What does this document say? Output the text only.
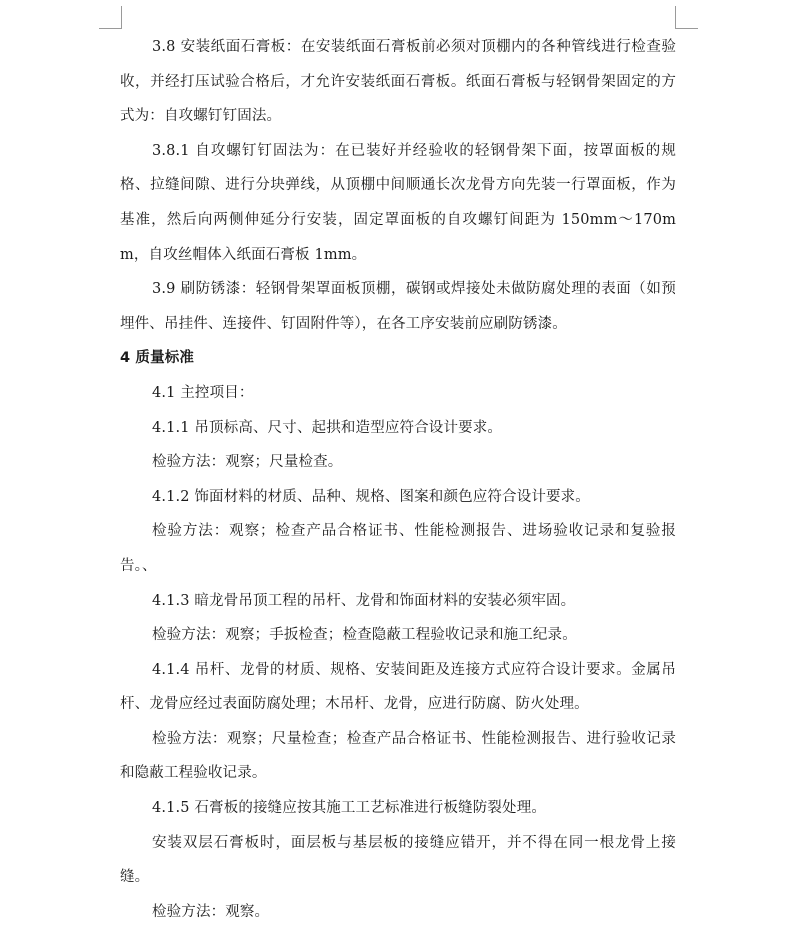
3.8 安装纸面石膏板：在安装纸面石膏板前必须对顶棚内的各种管线进行检查验收，并经打压试验合格后，才允许安装纸面石膏板。纸面石膏板与轻钢骨架固定的方式为：自攻螺钉钉固法。

3.8.1 自攻螺钉钉固法为：在已装好并经验收的轻钢骨架下面，按罩面板的规格、拉缝间隙、进行分块弹线，从顶棚中间顺通长次龙骨方向先装一行罩面板，作为基准，然后向两侧伸延分行安装，固定罩面板的自攻螺钉间距为 150mm～170mm，自攻丝帽体入纸面石膏板 1mm。

3.9 刷防锈漆：轻钢骨架罩面板顶棚，碳钢或焊接处未做防腐处理的表面（如预埋件、吊挂件、连接件、钉固附件等），在各工序安装前应刷防锈漆。

4 质量标准

4.1 主控项目：

4.1.1 吊顶标高、尺寸、起拱和造型应符合设计要求。

检验方法：观察；尺量检查。

4.1.2 饰面材料的材质、品种、规格、图案和颜色应符合设计要求。

检验方法：观察；检查产品合格证书、性能检测报告、进场验收记录和复验报告。、

4.1.3 暗龙骨吊顶工程的吊杆、龙骨和饰面材料的安装必须牢固。

检验方法：观察；手扳检查；检查隐蔽工程验收记录和施工纪录。

4.1.4 吊杆、龙骨的材质、规格、安装间距及连接方式应符合设计要求。金属吊杆、龙骨应经过表面防腐处理；木吊杆、龙骨，应进行防腐、防火处理。

检验方法：观察；尺量检查；检查产品合格证书、性能检测报告、进行验收记录和隐蔽工程验收记录。

4.1.5 石膏板的接缝应按其施工工艺标准进行板缝防裂处理。

安装双层石膏板时，面层板与基层板的接缝应错开，并不得在同一根龙骨上接缝。

检验方法：观察。
